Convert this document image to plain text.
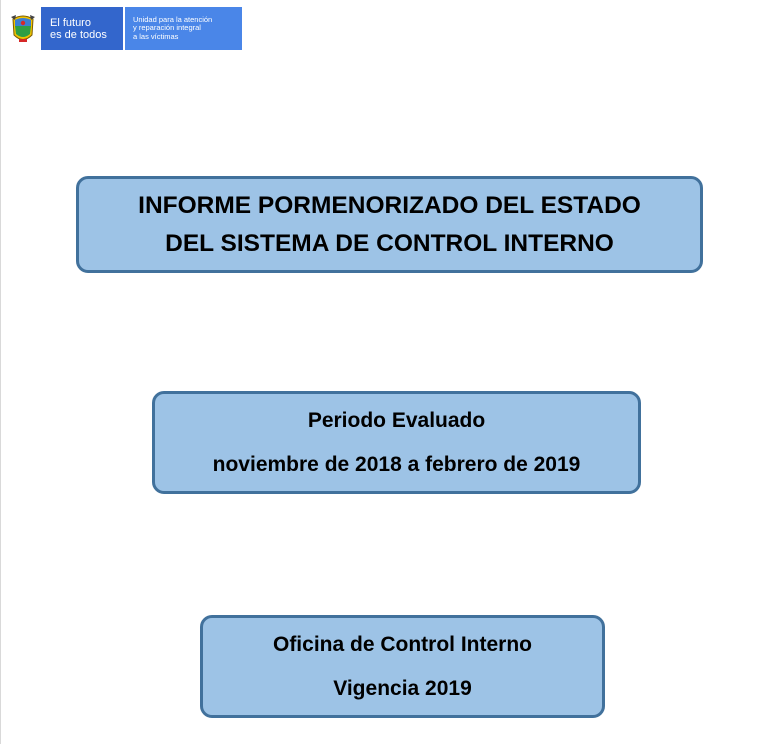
El futuro
es de todos
Unidad para la atención
y reparación integral
a las víctimas
INFORME PORMENORIZADO DEL ESTADO
DEL SISTEMA DE CONTROL INTERNO
Periodo Evaluado
noviembre de 2018 a febrero de 2019
Oficina de Control Interno
Vigencia 2019
